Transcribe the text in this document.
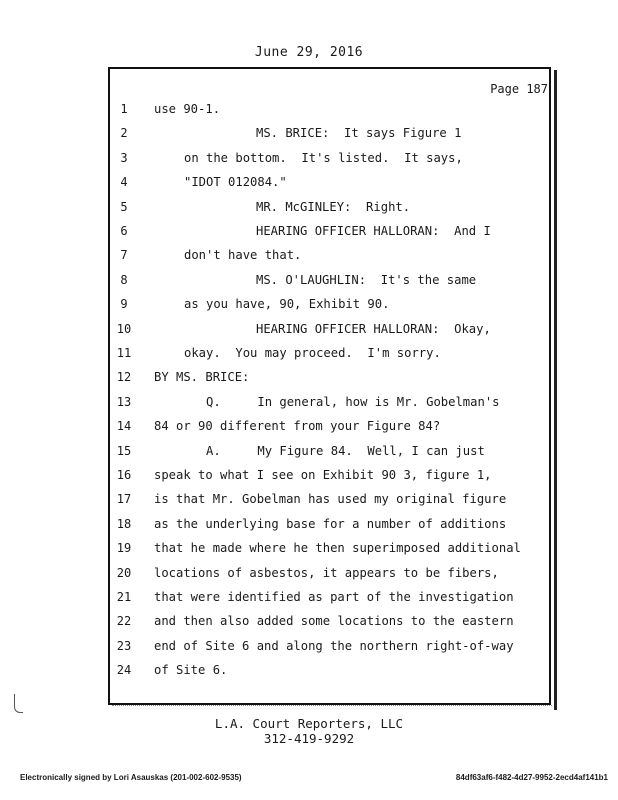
June 29, 2016
Page 187
1	use 90-1.
2	MS. BRICE:  It says Figure 1
3	on the bottom.  It's listed.  It says,
4	"IDOT 012084."
5	MR. McGINLEY:  Right.
6	HEARING OFFICER HALLORAN:  And I
7	don't have that.
8	MS. O'LAUGHLIN:  It's the same
9	as you have, 90, Exhibit 90.
10	HEARING OFFICER HALLORAN:  Okay,
11	okay.  You may proceed.  I'm sorry.
12	BY MS. BRICE:
13	Q.     In general, how is Mr. Gobelman's
14	84 or 90 different from your Figure 84?
15	A.     My Figure 84.  Well, I can just
16	speak to what I see on Exhibit 90 3, figure 1,
17	is that Mr. Gobelman has used my original figure
18	as the underlying base for a number of additions
19	that he made where he then superimposed additional
20	locations of asbestos, it appears to be fibers,
21	that were identified as part of the investigation
22	and then also added some locations to the eastern
23	end of Site 6 and along the northern right-of-way
24	of Site 6.
L.A. Court Reporters, LLC
312-419-9292
Electronically signed by Lori Asauskas (201-002-602-9535)	84df63af6-f482-4d27-9952-2ecd4af141b1
